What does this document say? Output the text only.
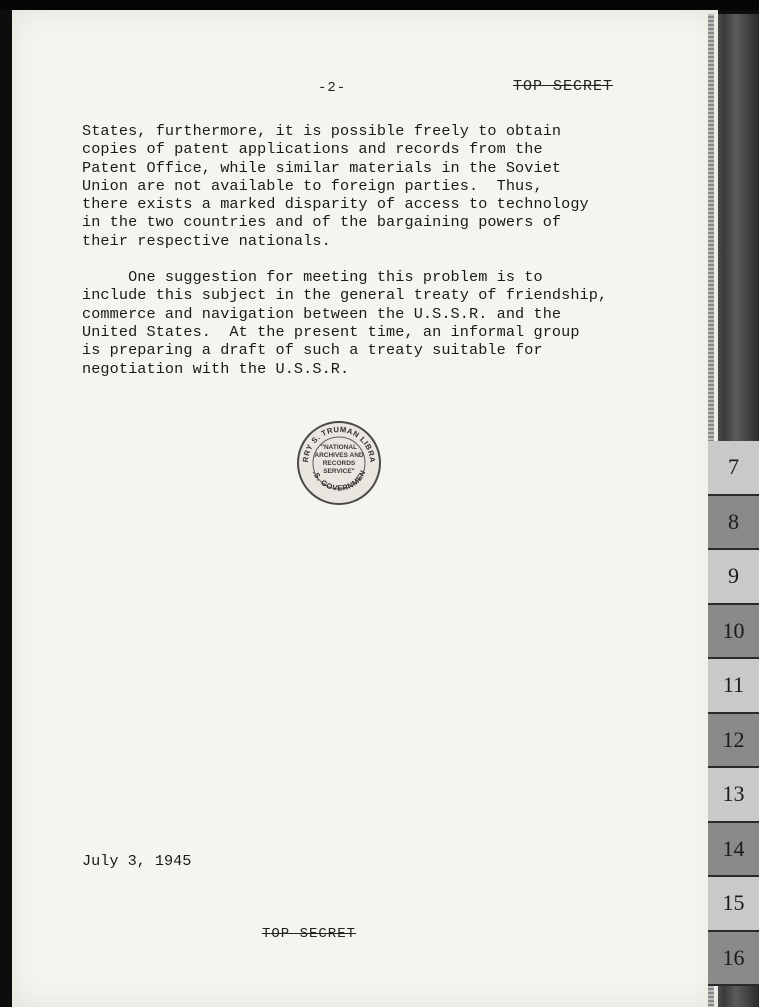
-2-	TOP SECRET

States, furthermore, it is possible freely to obtain
copies of patent applications and records from the
Patent Office, while similar materials in the Soviet
Union are not available to foreign parties.  Thus,
there exists a marked disparity of access to technology
in the two countries and of the bargaining powers of
their respective nationals.

One suggestion for meeting this problem is to
include this subject in the general treaty of friendship,
commerce and navigation between the U.S.S.R. and the
United States.  At the present time, an informal group
is preparing a draft of such a treaty suitable for
negotiation with the U.S.S.R.

RRY S. TRUMAN LIBRA
.S. GOVERNMEN
"NATIONAL
ARCHIVES AND
RECORDS
SERVICE"
July 3, 1945
TOP SECRET
7
8
9
10
11
12
13
14
15
16
